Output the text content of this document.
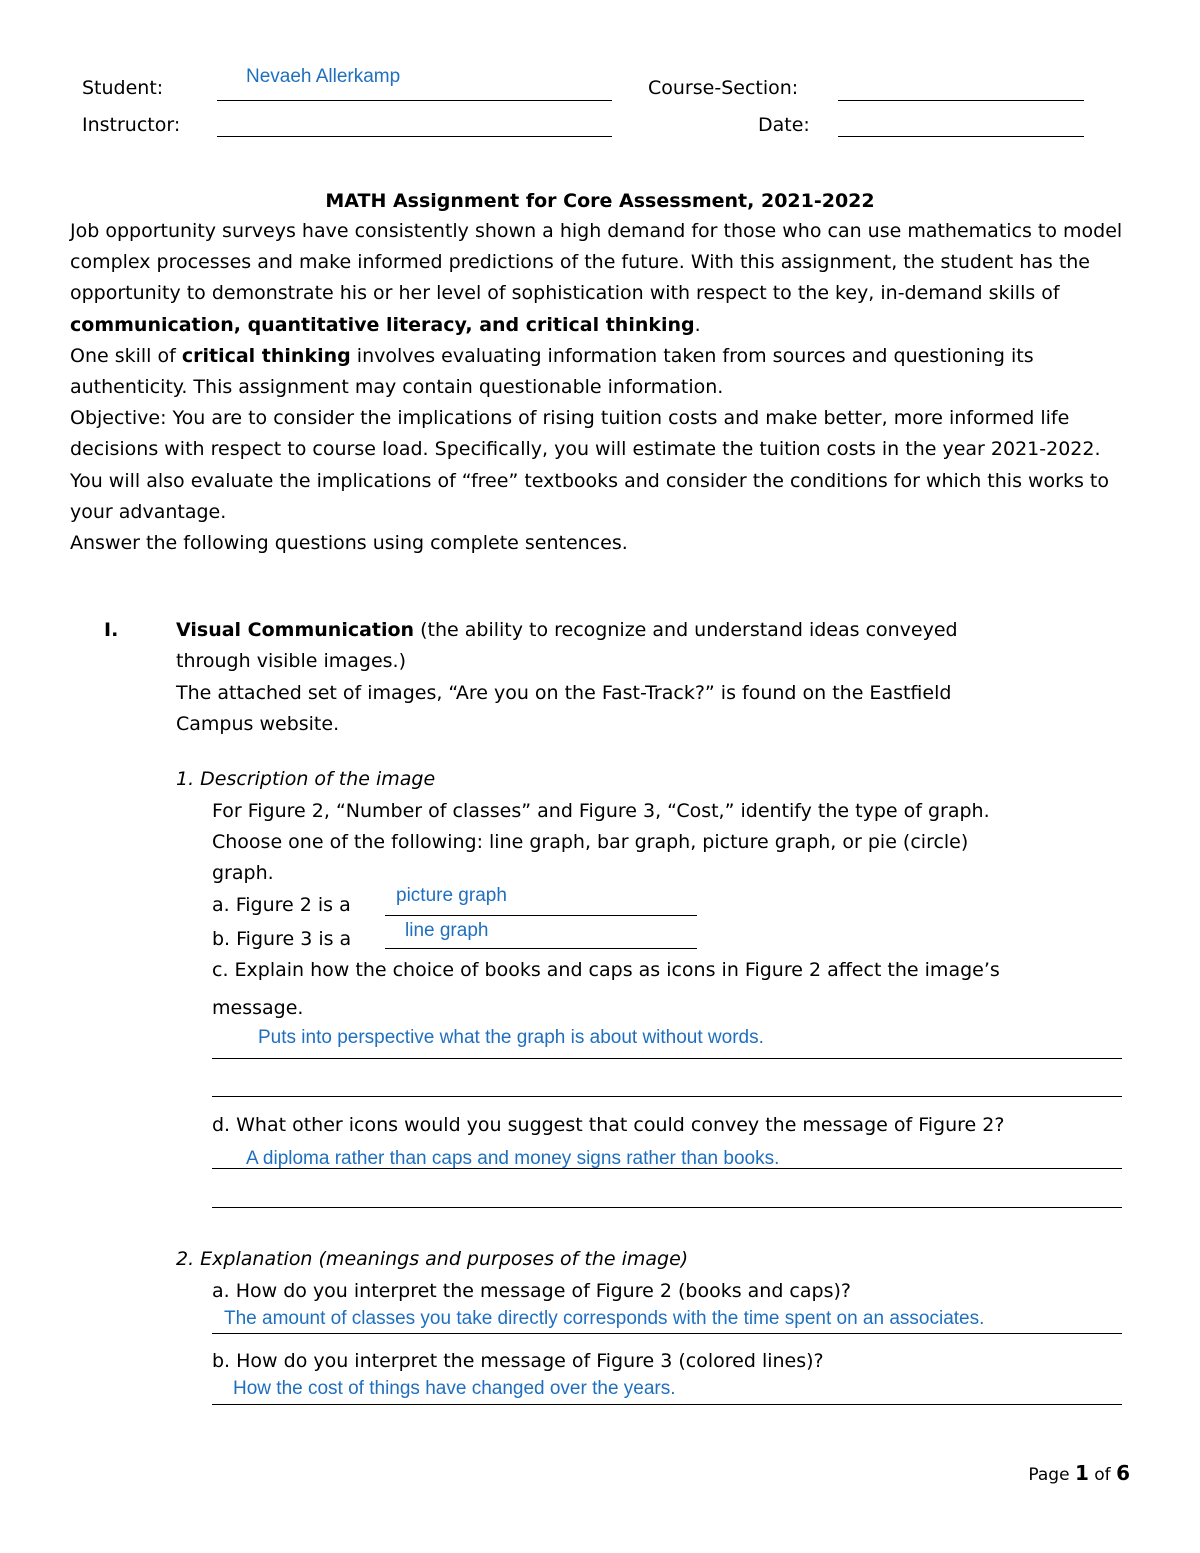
Student:
Nevaeh Allerkamp
Course-Section:
Instructor:	Date:
MATH Assignment for Core Assessment, 2021-2022

Job opportunity surveys have consistently shown a high demand for those who can use mathematics to model complex processes and make informed predictions of the future. With this assignment, the student has the opportunity to demonstrate his or her level of sophistication with respect to the key, in-demand skills of communication, quantitative literacy, and critical thinking.

One skill of critical thinking involves evaluating information taken from sources and questioning its authenticity. This assignment may contain questionable information.

Objective: You are to consider the implications of rising tuition costs and make better, more informed life decisions with respect to course load. Specifically, you will estimate the tuition costs in the year 2021-2022. You will also evaluate the implications of “free” textbooks and consider the conditions for which this works to your advantage.

Answer the following questions using complete sentences.

I.	Visual Communication (the ability to recognize and understand ideas conveyed
through visible images.)
The attached set of images, “Are you on the Fast-Track?” is found on the Eastfield
Campus website.
1. Description of the image
For Figure 2, “Number of classes” and Figure 3, “Cost,” identify the type of graph.
Choose one of the following: line graph, bar graph, picture graph, or pie (circle)
graph.
a. Figure 2 is a picture graph
b. Figure 3 is a	line graph
c. Explain how the choice of books and caps as icons in Figure 2 affect the image’s
message.
Puts into perspective what the graph is about without words.
d. What other icons would you suggest that could convey the message of Figure 2?
A diploma rather than caps and money signs rather than books.
2. Explanation (meanings and purposes of the image)
a. How do you interpret the message of Figure 2 (books and caps)?
The amount of classes you take directly corresponds with the time spent on an associates.
b. How do you interpret the message of Figure 3 (colored lines)?
How the cost of things have changed over the years.
Page 1 of 6
